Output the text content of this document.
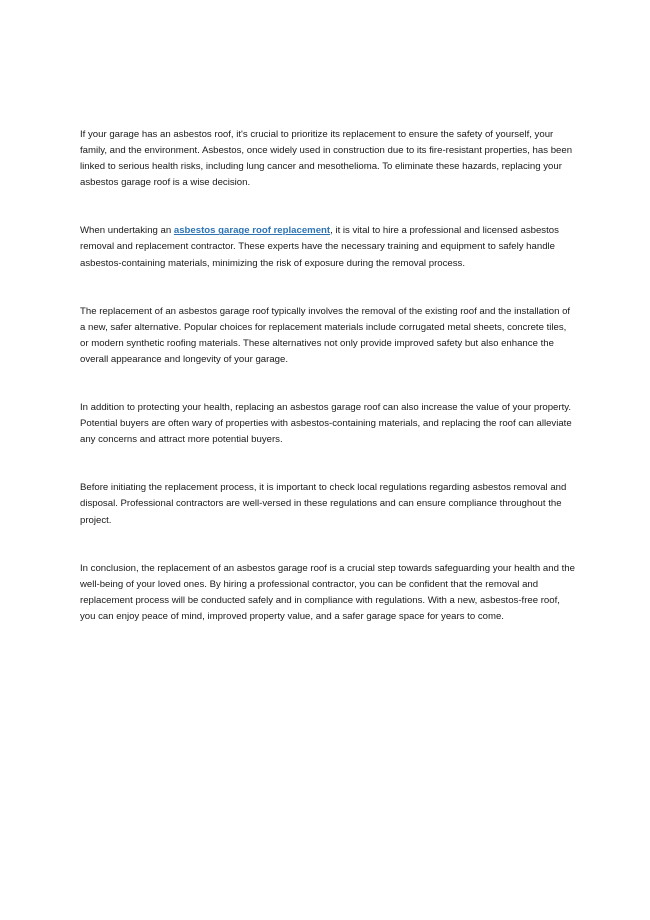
If your garage has an asbestos roof, it's crucial to prioritize its replacement to ensure the safety of yourself, your family, and the environment. Asbestos, once widely used in construction due to its fire-resistant properties, has been linked to serious health risks, including lung cancer and mesothelioma. To eliminate these hazards, replacing your asbestos garage roof is a wise decision.

When undertaking an asbestos garage roof replacement, it is vital to hire a professional and licensed asbestos removal and replacement contractor. These experts have the necessary training and equipment to safely handle asbestos-containing materials, minimizing the risk of exposure during the removal process.

The replacement of an asbestos garage roof typically involves the removal of the existing roof and the installation of a new, safer alternative. Popular choices for replacement materials include corrugated metal sheets, concrete tiles, or modern synthetic roofing materials. These alternatives not only provide improved safety but also enhance the overall appearance and longevity of your garage.

In addition to protecting your health, replacing an asbestos garage roof can also increase the value of your property. Potential buyers are often wary of properties with asbestos-containing materials, and replacing the roof can alleviate any concerns and attract more potential buyers.

Before initiating the replacement process, it is important to check local regulations regarding asbestos removal and disposal. Professional contractors are well-versed in these regulations and can ensure compliance throughout the project.

In conclusion, the replacement of an asbestos garage roof is a crucial step towards safeguarding your health and the well-being of your loved ones. By hiring a professional contractor, you can be confident that the removal and replacement process will be conducted safely and in compliance with regulations. With a new, asbestos-free roof, you can enjoy peace of mind, improved property value, and a safer garage space for years to come.
